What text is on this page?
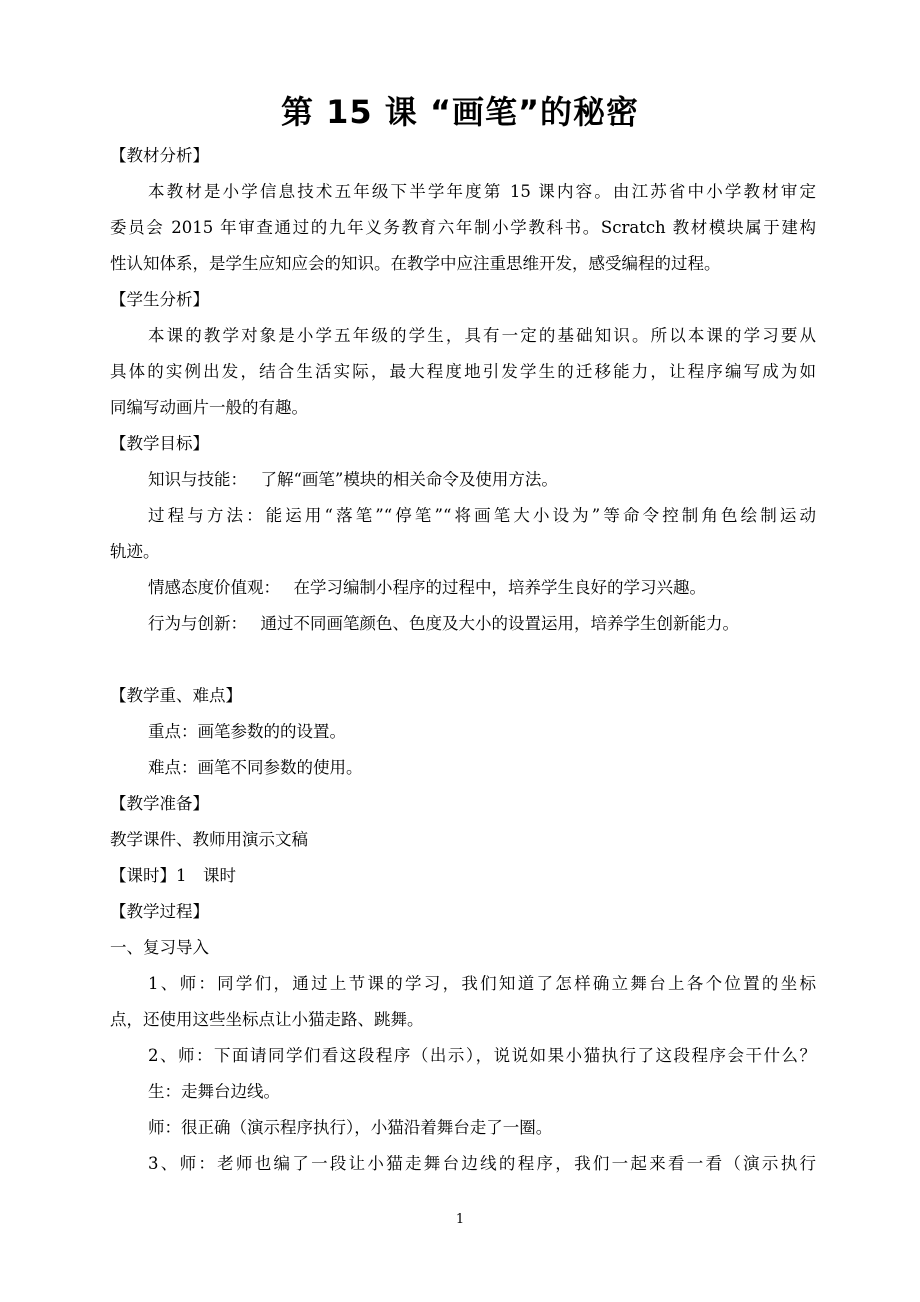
第 15 课 “画笔”的秘密
【教材分析】
本教材是小学信息技术五年级下半学年度第 15 课内容。由江苏省中小学教材审定
委员会 2015 年审查通过的九年义务教育六年制小学教科书。Scratch 教材模块属于建构
性认知体系，是学生应知应会的知识。在教学中应注重思维开发，感受编程的过程。
【学生分析】
本课的教学对象是小学五年级的学生，具有一定的基础知识。所以本课的学习要从
具体的实例出发，结合生活实际，最大程度地引发学生的迁移能力，让程序编写成为如
同编写动画片一般的有趣。
【教学目标】
知识与技能：　 了解“画笔”模块的相关命令及使用方法。
过程与方法：能运用“落笔”“停笔”“将画笔大小设为”等命令控制角色绘制运动
轨迹。
情感态度价值观：　 在学习编制小程序的过程中，培养学生良好的学习兴趣。
行为与创新：　 通过不同画笔颜色、色度及大小的设置运用，培养学生创新能力。
【教学重、难点】
重点：画笔参数的的设置。
难点：画笔不同参数的使用。
【教学准备】
教学课件、教师用演示文稿
【课时】1　课时
【教学过程】
一、复习导入
1、师：同学们，通过上节课的学习，我们知道了怎样确立舞台上各个位置的坐标
点，还使用这些坐标点让小猫走路、跳舞。
2、师：下面请同学们看这段程序（出示），说说如果小猫执行了这段程序会干什么？
生：走舞台边线。
师：很正确（演示程序执行），小猫沿着舞台走了一圈。
3、师：老师也编了一段让小猫走舞台边线的程序，我们一起来看一看（演示执行
1
